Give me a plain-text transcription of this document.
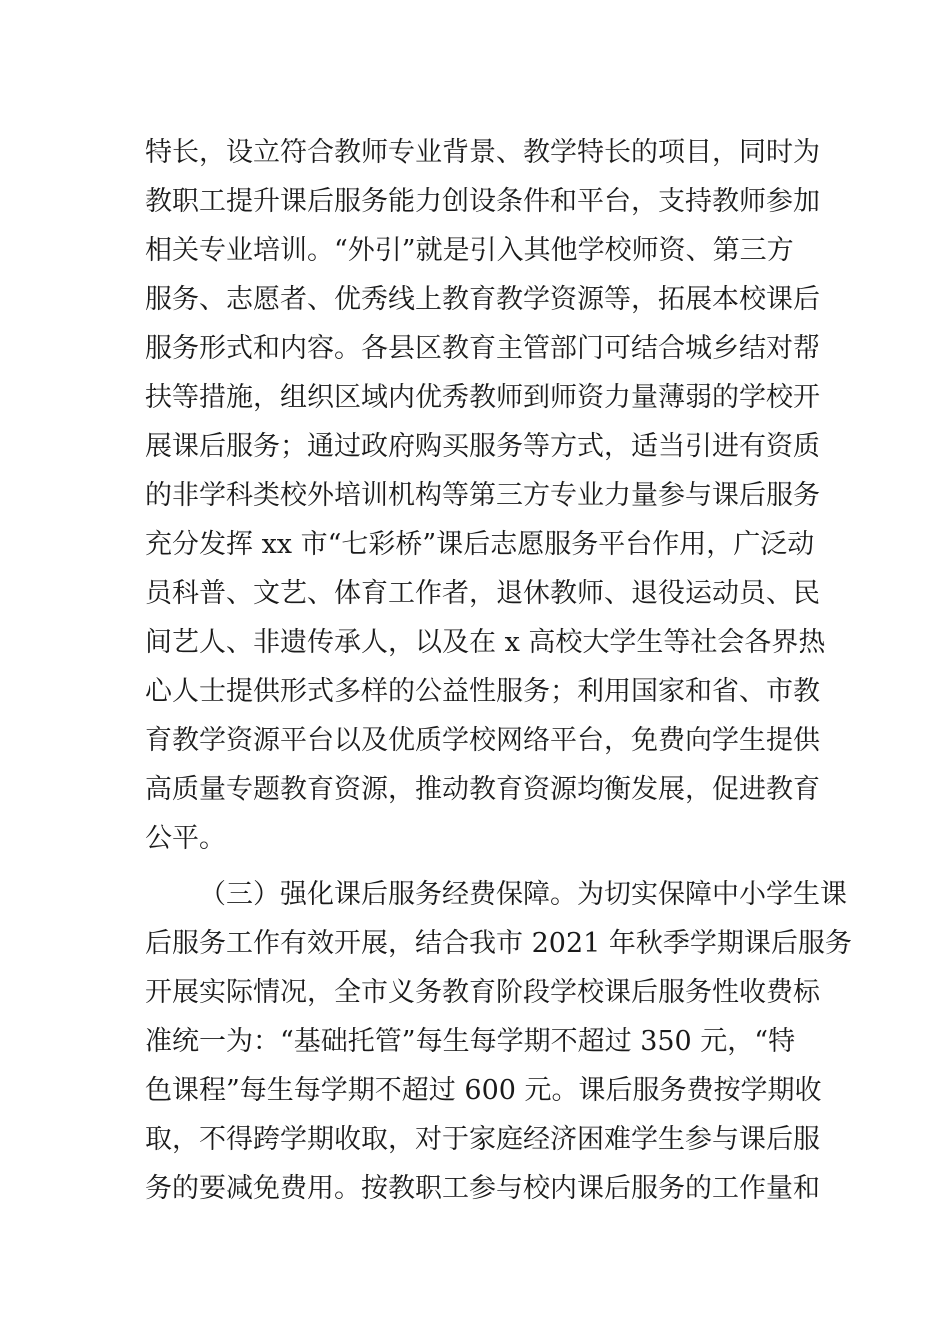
特长，设立符合教师专业背景、教学特长的项目，同时为
教职工提升课后服务能力创设条件和平台，支持教师参加
相关专业培训。“外引”就是引入其他学校师资、第三方
服务、志愿者、优秀线上教育教学资源等，拓展本校课后
服务形式和内容。各县区教育主管部门可结合城乡结对帮
扶等措施，组织区域内优秀教师到师资力量薄弱的学校开
展课后服务；通过政府购买服务等方式，适当引进有资质
的非学科类校外培训机构等第三方专业力量参与课后服务
充分发挥 xx 市“七彩桥”课后志愿服务平台作用，广泛动
员科普、文艺、体育工作者，退休教师、退役运动员、民
间艺人、非遗传承人，以及在 x 高校大学生等社会各界热
心人士提供形式多样的公益性服务；利用国家和省、市教
育教学资源平台以及优质学校网络平台，免费向学生提供
高质量专题教育资源，推动教育资源均衡发展，促进教育
公平。
（三）强化课后服务经费保障。为切实保障中小学生课
后服务工作有效开展，结合我市 2021 年秋季学期课后服务
开展实际情况，全市义务教育阶段学校课后服务性收费标
准统一为：“基础托管”每生每学期不超过 350 元，“特
色课程”每生每学期不超过 600 元。课后服务费按学期收
取，不得跨学期收取，对于家庭经济困难学生参与课后服
务的要减免费用。按教职工参与校内课后服务的工作量和
